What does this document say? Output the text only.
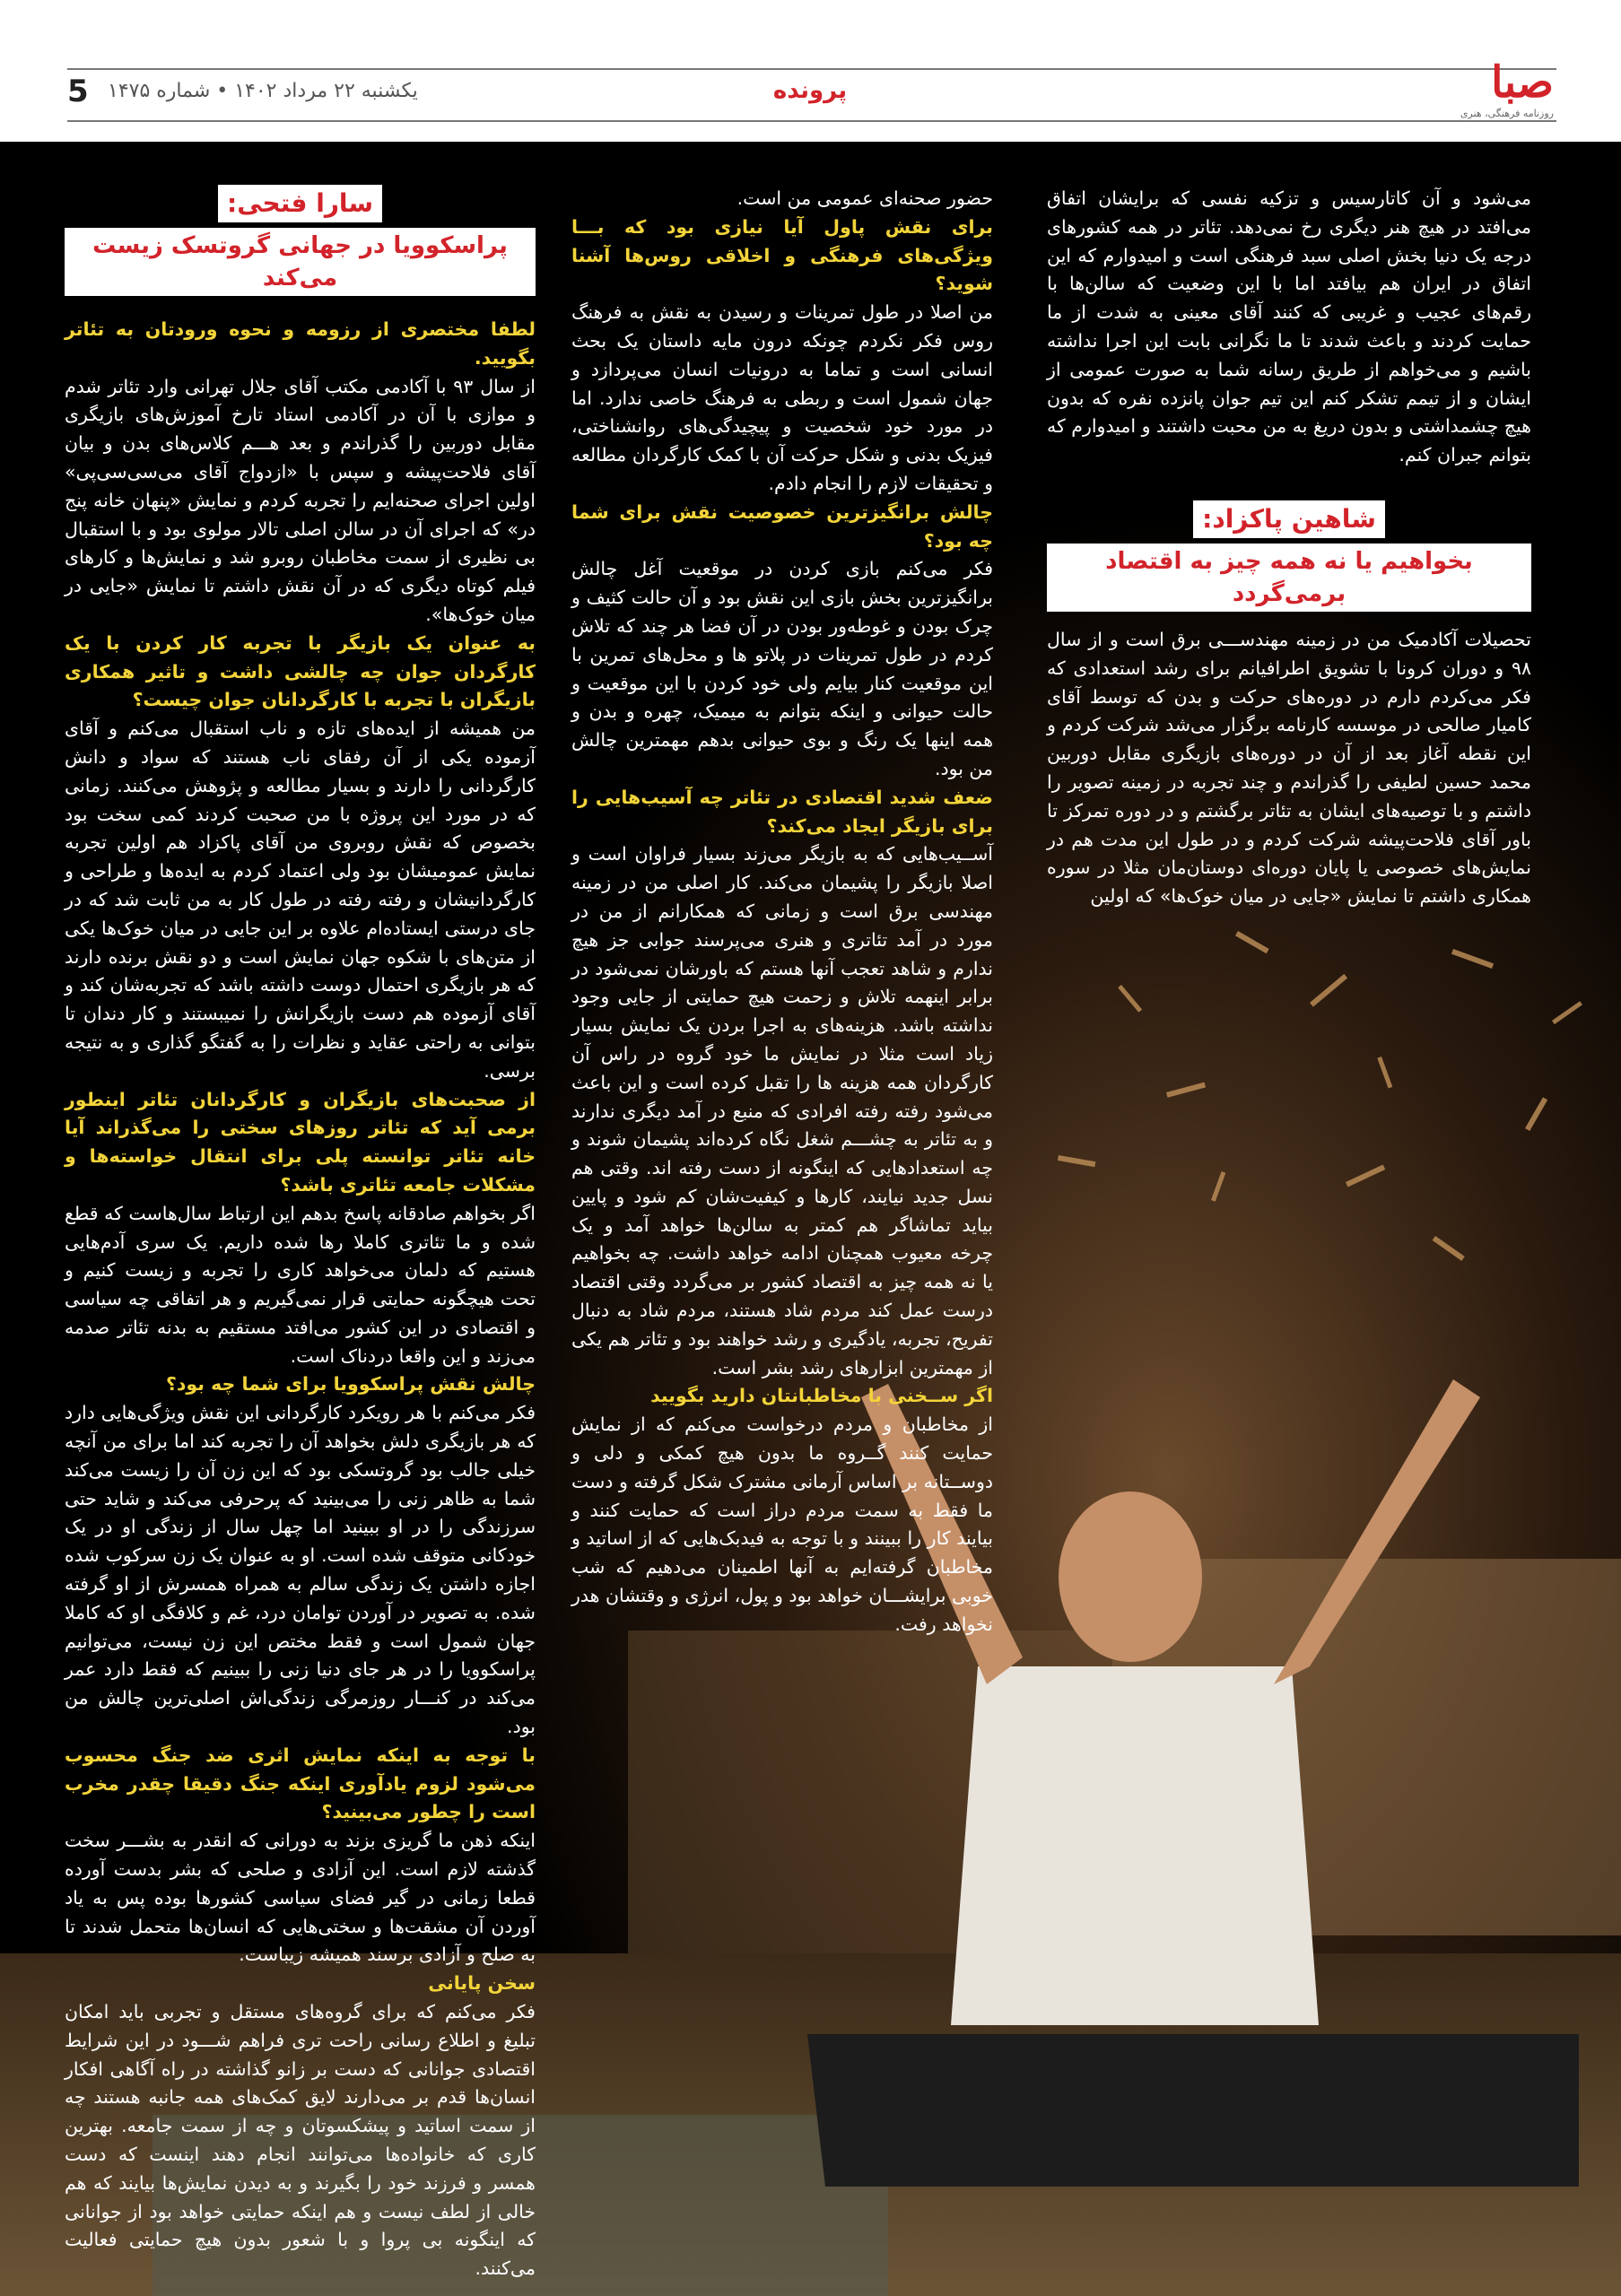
صبا
روزنامه فرهنگی، هنری
پرونده
یکشنبه ۲۲ مرداد ۱۴۰۲ • شماره ۱۴۷۵
5

می‌شود و آن کاتارسیس و تزکیه نفسی که برایشان اتفاق می‌افتد در هیچ هنر دیگری رخ نمی‌دهد. تئاتر در همه کشورهای درجه یک دنیا بخش اصلی سبد فرهنگی است و امیدوارم که این اتفاق در ایران هم بیافتد اما با این وضعیت که سالن‌ها با رقم‌های عجیب و غریبی که کنند آقای معینی به شدت از ما حمایت کردند و باعث شدند تا ما نگرانی بابت این اجرا نداشته باشیم و می‌خواهم از طریق رسانه شما به صورت عمومی از ایشان و از تیمم تشکر کنم این تیم جوان پانزده نفره که بدون هیچ چشمداشتی و بدون دریغ به من محبت داشتند و امیدوارم که بتوانم جبران کنم.

شاهین پاکزاد:
بخواهیم یا نه همه چیز به اقتصاد برمی‌گردد

تحصیلات آکادمیک من در زمینه مهندســـی برق است و از سال ۹۸ و دوران کرونا با تشویق اطرافیانم برای رشد استعدادی که فکر می‌کردم دارم در دوره‌های حرکت و بدن که توسط آقای کامیار صالحی در موسسه کارنامه برگزار می‌شد شرکت کردم و این نقطه آغاز بعد از آن در دوره‌های بازیگری مقابل دوربین محمد حسین لطیفی را گذراندم و چند تجربه در زمینه تصویر را داشتم و با توصیه‌های ایشان به تئاتر برگشتم و در دوره تمرکز تا باور آقای فلاحت‌پیشه شرکت کردم و در طول این مدت هم در نمایش‌های خصوصی یا پایان دوره‌ای دوستان‌مان مثلا در سوره همکاری داشتم تا نمایش «جایی در میان خوک‌ها» که اولین

حضور صحنه‌ای عمومی من است.

برای نقش پاول آیا نیازی بود که بـــا ویژگی‌های فرهنگی و اخلاقی روس‌ها آشنا شوید؟

من اصلا در طول تمرینات و رسیدن به نقش به فرهنگ روس فکر نکردم چونکه درون مایه داستان یک بحث انسانی است و تماما به درونیات انسان می‌پردازد و جهان شمول است و ربطی به فرهنگ خاصی ندارد. اما در مورد خود شخصیت و پیچیدگی‌های روانشناختی، فیزیک بدنی و شکل حرکت آن با کمک کارگردان مطالعه و تحقیقات لازم را انجام دادم.

چالش برانگیزترین خصوصیت نقش برای شما چه بود؟

فکر می‌کنم بازی کردن در موقعیت آغل چالش برانگیزترین بخش بازی این نقش بود و آن حالت کثیف و چرک بودن و غوطه‌ور بودن در آن فضا هر چند که تلاش کردم در طول تمرینات در پلاتو ها و محل‌های تمرین با این موقعیت کنار بیایم ولی خود کردن با این موقعیت و حالت حیوانی و اینکه بتوانم به میمیک، چهره و بدن و همه اینها یک رنگ و بوی حیوانی بدهم مهمترین چالش من بود.

ضعف شدید اقتصادی در تئاتر چه آسیب‌هایی را برای بازیگر ایجاد می‌کند؟

آســیب‌هایی که به بازیگر می‌زند بسیار فراوان است و اصلا بازیگر را پشیمان می‌کند. کار اصلی من در زمینه مهندسی برق است و زمانی که همکارانم از من در مورد در آمد تئاتری و هنری می‌پرسند جوابی جز هیچ ندارم و شاهد تعجب آنها هستم که باورشان نمی‌شود در برابر اینهمه تلاش و زحمت هیچ حمایتی از جایی وجود نداشته باشد. هزینه‌های به اجرا بردن یک نمایش بسیار زیاد است مثلا در نمایش ما خود گروه در راس آن کارگردان همه هزینه ها را تقبل کرده است و این باعث می‌شود رفته رفته افرادی که منبع در آمد دیگری ندارند و به تئاتر به چشـــم شغل نگاه کرده‌اند پشیمان شوند و چه استعدادهایی که اینگونه از دست رفته اند. وقتی هم نسل جدید نیایند، کارها و کیفیت‌شان کم شود و پایین بیاید تماشاگر هم کمتر به سالن‌ها خواهد آمد و یک چرخه معیوب همچنان ادامه خواهد داشت. چه بخواهیم یا نه همه چیز به اقتصاد کشور بر می‌گردد وقتی اقتصاد درست عمل کند مردم شاد هستند، مردم شاد به دنبال تفریح، تجربه، یادگیری و رشد خواهند بود و تئاتر هم یکی از مهمترین ابزارهای رشد بشر است.

اگر ســخنی با مخاطبانتان دارید بگویید

از مخاطبان و مردم درخواست می‌کنم که از نمایش حمایت کنند گــروه ما بدون هیچ کمکی و دلی و دوســتانه بر اساس آرمانی مشترک شکل گرفته و دست ما فقط به سمت مردم دراز است که حمایت کنند و بیایند کار را ببینند و با توجه به فیدبک‌هایی که از اساتید و مخاطبان گرفته‌ایم به آنها اطمینان می‌دهیم که شب خوبی برایشـــان خواهد بود و پول، انرژی و وقتشان هدر نخواهد رفت.

سارا فتحی:
پراسکوویا در جهانی گروتسک زیست می‌کند

لطفا مختصری از رزومه و نحوه ورودتان به تئاتر بگویید.

از سال ۹۳ با آکادمی مکتب آقای جلال تهرانی وارد تئاتر شدم و موازی با آن در آکادمی استاد تارخ آموزش‌های بازیگری مقابل دوربین را گذراندم و بعد هـــم کلاس‌های بدن و بیان آقای فلاحت‌پیشه و سپس با «ازدواج آقای می‌سی‌سی‌پی» اولین اجرای صحنه‌ایم را تجربه کردم و نمایش «پنهان خانه پنج در» که اجرای آن در سالن اصلی تالار مولوی بود و با استقبال بی نظیری از سمت مخاطبان روبرو شد و نمایش‌ها و کارهای فیلم کوتاه دیگری که در آن نقش داشتم تا نمایش «جایی در میان خوک‌ها».

به عنوان یک بازیگر با تجربه کار کردن با یک کارگردان جوان چه چالشی داشت و تاثیر همکاری بازیگران با تجربه با کارگردانان جوان چیست؟

من همیشه از ایده‌های تازه و ناب استقبال می‌کنم و آقای آزموده یکی از آن رفقای ناب هستند که سواد و دانش کارگردانی را دارند و بسیار مطالعه و پژوهش می‌کنند. زمانی که در مورد این پروژه با من صحبت کردند کمی سخت بود بخصوص که نقش روبروی من آقای پاکزاد هم اولین تجربه نمایش عمومیشان بود ولی اعتماد کردم به ایده‌ها و طراحی و کارگردانیشان و رفته رفته در طول کار به من ثابت شد که در جای درستی ایستاده‌ام علاوه بر این جایی در میان خوک‌ها یکی از متن‌های با شکوه جهان نمایش است و دو نقش برنده دارند که هر بازیگری احتمال دوست داشته باشد که تجربه‌شان کند و آقای آزموده هم دست بازیگرانش را نمیبستند و کار دندان تا بتوانی به راحتی عقاید و نظرات را به گفتگو گذاری و به نتیجه برسی.

از صحبت‌های بازیگران و کارگردانان تئاتر اینطور برمی آید که تئاتر روزهای سختی را می‌گذراند آیا خانه تئاتر توانسته پلی برای انتقال خواسته‌ها و مشکلات جامعه تئاتری باشد؟

اگر بخواهم صادقانه پاسخ بدهم این ارتباط سال‌هاست که قطع شده و ما تئاتری کاملا رها شده داریم. یک سری آدم‌هایی هستیم که دلمان می‌خواهد کاری را تجربه و زیست کنیم و تحت هیچگونه حمایتی قرار نمی‌گیریم و هر اتفاقی چه سیاسی و اقتصادی در این کشور می‌افتد مستقیم به بدنه تئاتر صدمه می‌زند و این واقعا دردناک است.

چالش نقش پراسکوویا برای شما چه بود؟

فکر می‌کنم با هر رویکرد کارگردانی این نقش ویژگی‌هایی دارد که هر بازیگری دلش بخواهد آن را تجربه کند اما برای من آنچه خیلی جالب بود گروتسکی بود که این زن آن را زیست می‌کند شما به ظاهر زنی را می‌بینید که پرحرفی می‌کند و شاید حتی سرزندگی را در او ببینید اما چهل سال از زندگی او در یک خودکانی متوقف شده است. او به عنوان یک زن سرکوب شده اجازه داشتن یک زندگی سالم به همراه همسرش از او گرفته شده. به تصویر در آوردن توامان درد، غم و کلافگی او که کاملا جهان شمول است و فقط مختص این زن نیست، می‌توانیم پراسکوویا را در هر جای دنیا زنی را ببینیم که فقط دارد عمر می‌کند در کنـــار روزمرگی زندگی‌اش اصلی‌ترین چالش من بود.

با توجه به اینکه نمایش اثری ضد جنگ محسوب می‌شود لزوم یادآوری اینکه جنگ دقیقا چقدر مخرب است را چطور می‌بینید؟

اینکه ذهن ما گریزی بزند به دورانی که انقدر به بشـــر سخت گذشته لازم است. این آزادی و صلحی که بشر بدست آورده قطعا زمانی در گیر فضای سیاسی کشورها بوده پس به یاد آوردن آن مشقت‌ها و سختی‌هایی که انسان‌ها متحمل شدند تا به صلح و آزادی برسند همیشه زیباست.

سخن پایانی

فکر می‌کنم که برای گروه‌های مستقل و تجربی باید امکان تبلیغ و اطلاع رسانی راحت تری فراهم شـــود در این شرایط اقتصادی جوانانی که دست بر زانو گذاشته در راه آگاهی افکار انسان‌ها قدم بر می‌دارند لایق کمک‌های همه جانبه هستند چه از سمت اساتید و پیشکسوتان و چه از سمت جامعه. بهترین کاری که خانواده‌ها می‌توانند انجام دهند اینست که دست همسر و فرزند خود را بگیرند و به دیدن نمایش‌ها بیایند که هم خالی از لطف نیست و هم اینکه حمایتی خواهد بود از جوانانی که اینگونه بی پروا و با شعور بدون هیچ حمایتی فعالیت می‌کنند.
